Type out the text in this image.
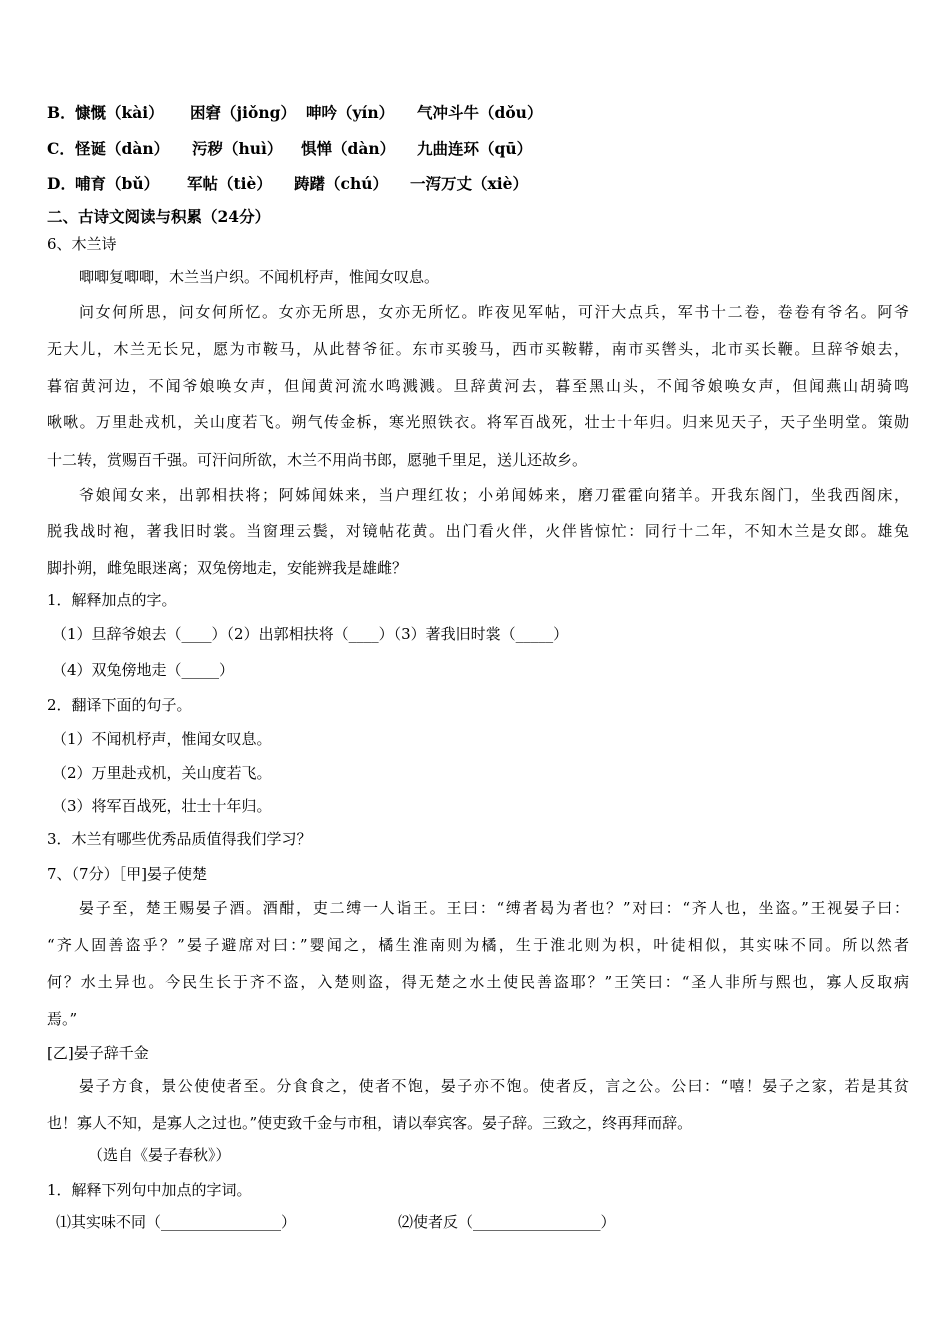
B． 慷慨（kài） 困窘（jiǒng） 呻吟（yín） 气冲斗牛（dǒu）
C． 怪诞（dàn） 污秽（huì） 惧惮（dàn） 九曲连环（qū）
D． 哺育（bǔ） 军帖（tiè） 踌躇（chú） 一泻万丈（xiè）
二、古诗文阅读与积累（24分）
6、木兰诗
唧唧复唧唧，木兰当户织。不闻机杼声，惟闻女叹息。
问女何所思，问女何所忆。女亦无所思，女亦无所忆。昨夜见军帖，可汗大点兵，军书十二卷，卷卷有爷名。阿爷
无大儿，木兰无长兄，愿为市鞍马，从此替爷征。东市买骏马，西市买鞍鞯，南市买辔头，北市买长鞭。旦辞爷娘去，
暮宿黄河边，不闻爷娘唤女声，但闻黄河流水鸣溅溅。旦辞黄河去，暮至黑山头，不闻爷娘唤女声，但闻燕山胡骑鸣
啾啾。万里赴戎机，关山度若飞。朔气传金柝，寒光照铁衣。将军百战死，壮士十年归。归来见天子，天子坐明堂。策勋
十二转，赏赐百千强。可汗问所欲，木兰不用尚书郎，愿驰千里足，送儿还故乡。
爷娘闻女来，出郭相扶将；阿姊闻妹来，当户理红妆；小弟闻姊来，磨刀霍霍向猪羊。开我东阁门，坐我西阁床，
脱我战时袍，著我旧时裳。当窗理云鬓，对镜帖花黄。出门看火伴，火伴皆惊忙：同行十二年，不知木兰是女郎。雄兔
脚扑朔，雌兔眼迷离；双兔傍地走，安能辨我是雄雌？
1．解释加点的字。
（1）旦辞爷娘去（____）（2）出郭相扶将（____）（3）著我旧时裳（_____）
（4）双兔傍地走（_____）
2．翻译下面的句子。
（1）不闻机杼声，惟闻女叹息。
（2）万里赴戎机，关山度若飞。
（3）将军百战死，壮士十年归。
3．木兰有哪些优秀品质值得我们学习？
7、（7分）［甲]晏子使楚
晏子至，楚王赐晏子酒。酒酣，吏二缚一人诣王。王曰：“缚者曷为者也？”对曰：“齐人也，坐盗。”王视晏子曰：
“齐人固善盗乎？”晏子避席对曰：”婴闻之，橘生淮南则为橘，生于淮北则为枳，叶徒相似，其实味不同。所以然者
何？水土异也。今民生长于齐不盗，入楚则盗，得无楚之水土使民善盗耶？”王笑曰：“圣人非所与熙也，寡人反取病
焉。”
[乙]晏子辞千金
晏子方食，景公使使者至。分食食之，使者不饱，晏子亦不饱。使者反，言之公。公曰：“嘻！晏子之家，若是其贫
也！寡人不知，是寡人之过也。”使吏致千金与市租，请以奉宾客。晏子辞。三致之，终再拜而辞。
（选自《晏子春秋》）
1．解释下列句中加点的字词。
⑴其实味不同（________________）	⑵使者反（_________________）
